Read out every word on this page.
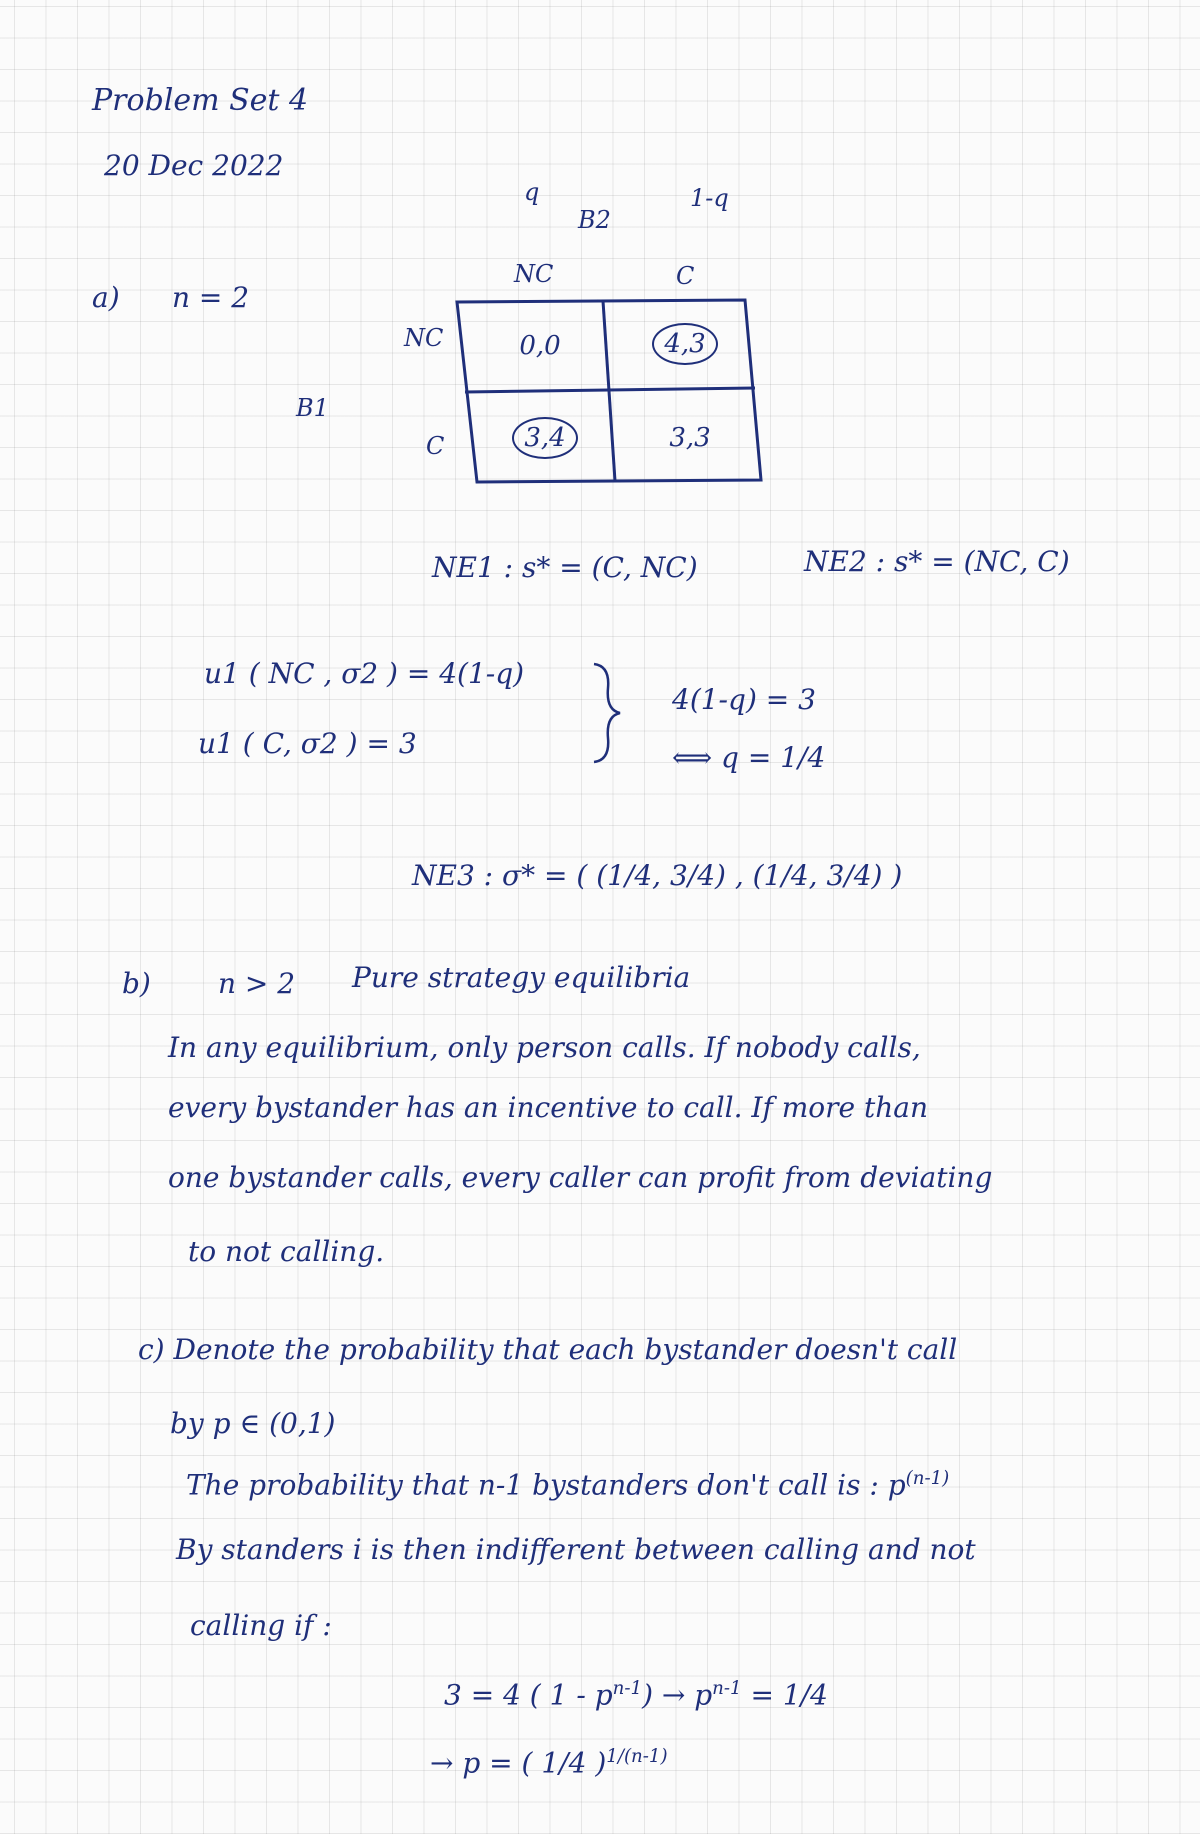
Problem Set 4
20 Dec 2022
a) n = 2
q	1-q
B2
NC	C
NC
B1
C
0,0	4,3
3,4	3,3
NE1 : s* = (C, NC)	NE2 : s* = (NC, C)
u1 ( NC , σ2 ) = 4(1-q)
u1 ( C, σ2 ) = 3
4(1-q) = 3
⟺ q = 1/4
NE3 : σ* = ( (1/4, 3/4) , (1/4, 3/4) )
b) n > 2 Pure strategy equilibria
In any equilibrium, only person calls. If nobody calls,
every bystander has an incentive to call. If more than
one bystander calls, every caller can profit from deviating
to not calling.
c) Denote the probability that each bystander doesn't call
by p ∈ (0,1)
The probability that n-1 bystanders don't call is : $p^{(n-1)}$
By standers i is then indifferent between calling and not
calling if :
3 = 4 ( $1 - p^{n-1}) \to p^{n-1} = 1/4$
→ p = ( 1/4 )$^{1/(n-1)}$
